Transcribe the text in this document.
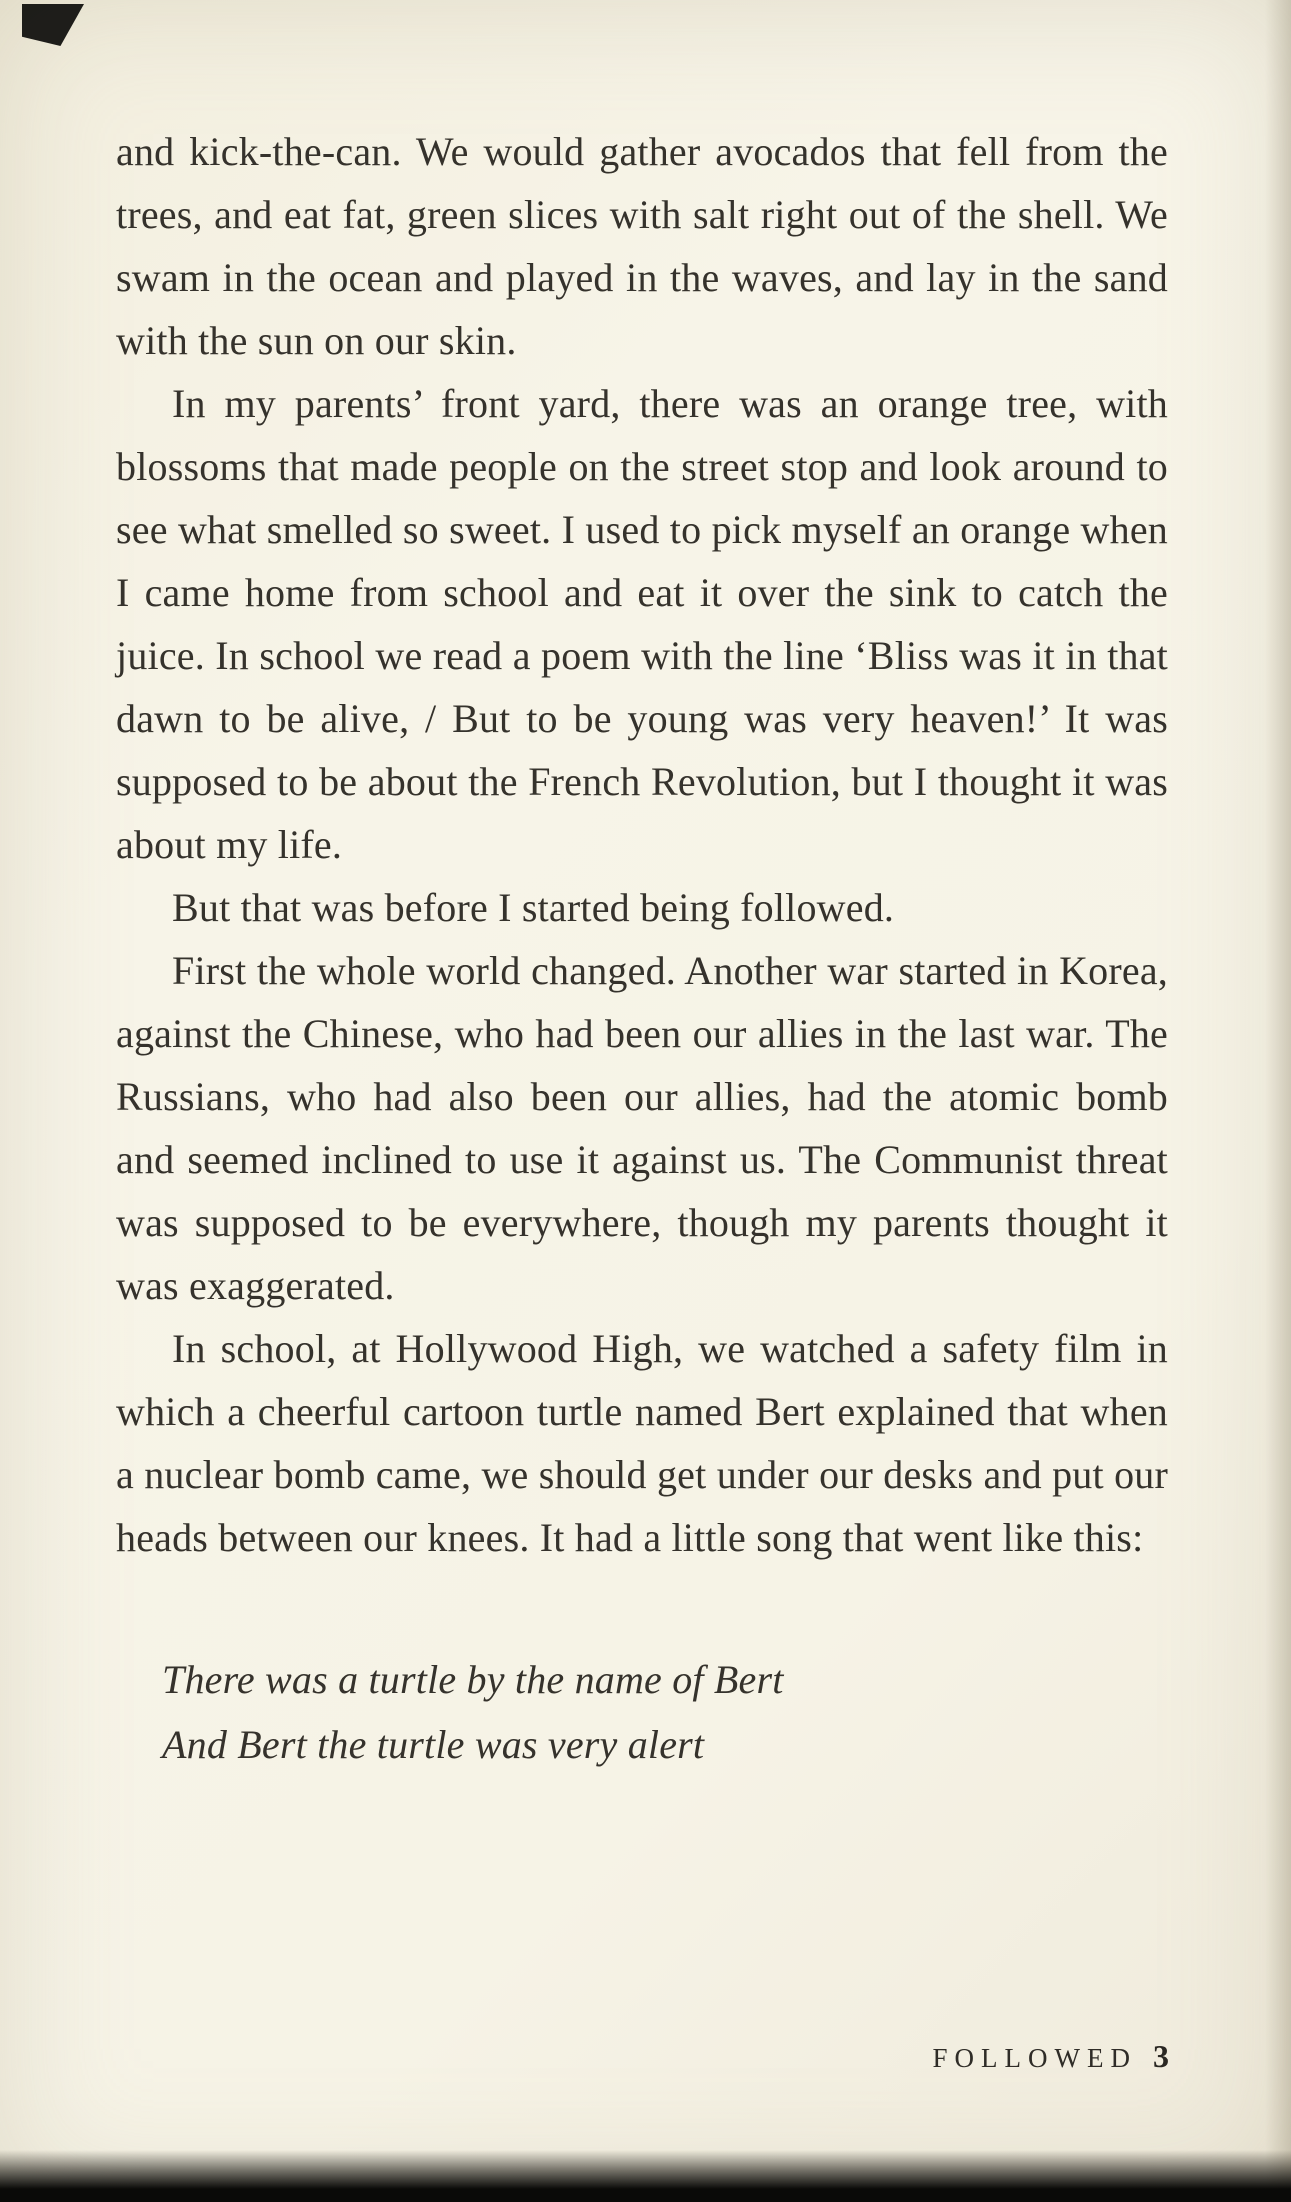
and kick-the-can. We would gather avocados that fell from the trees, and eat fat, green slices with salt right out of the shell. We swam in the ocean and played in the waves, and lay in the sand with the sun on our skin.

In my parents’ front yard, there was an orange tree, with blossoms that made people on the street stop and look around to see what smelled so sweet. I used to pick myself an orange when I came home from school and eat it over the sink to catch the juice. In school we read a poem with the line ‘Bliss was it in that dawn to be alive, / But to be young was very heaven!’ It was supposed to be about the French Revolution, but I thought it was about my life.

But that was before I started being followed.

First the whole world changed. Another war started in Korea, against the Chinese, who had been our allies in the last war. The Russians, who had also been our allies, had the atomic bomb and seemed inclined to use it against us. The Communist threat was supposed to be everywhere, though my parents thought it was exaggerated.

In school, at Hollywood High, we watched a safety film in which a cheerful cartoon turtle named Bert explained that when a nuclear bomb came, we should get under our desks and put our heads between our knees. It had a little song that went like this:

There was a turtle by the name of Bert
And Bert the turtle was very alert
FOLLOWED 3
